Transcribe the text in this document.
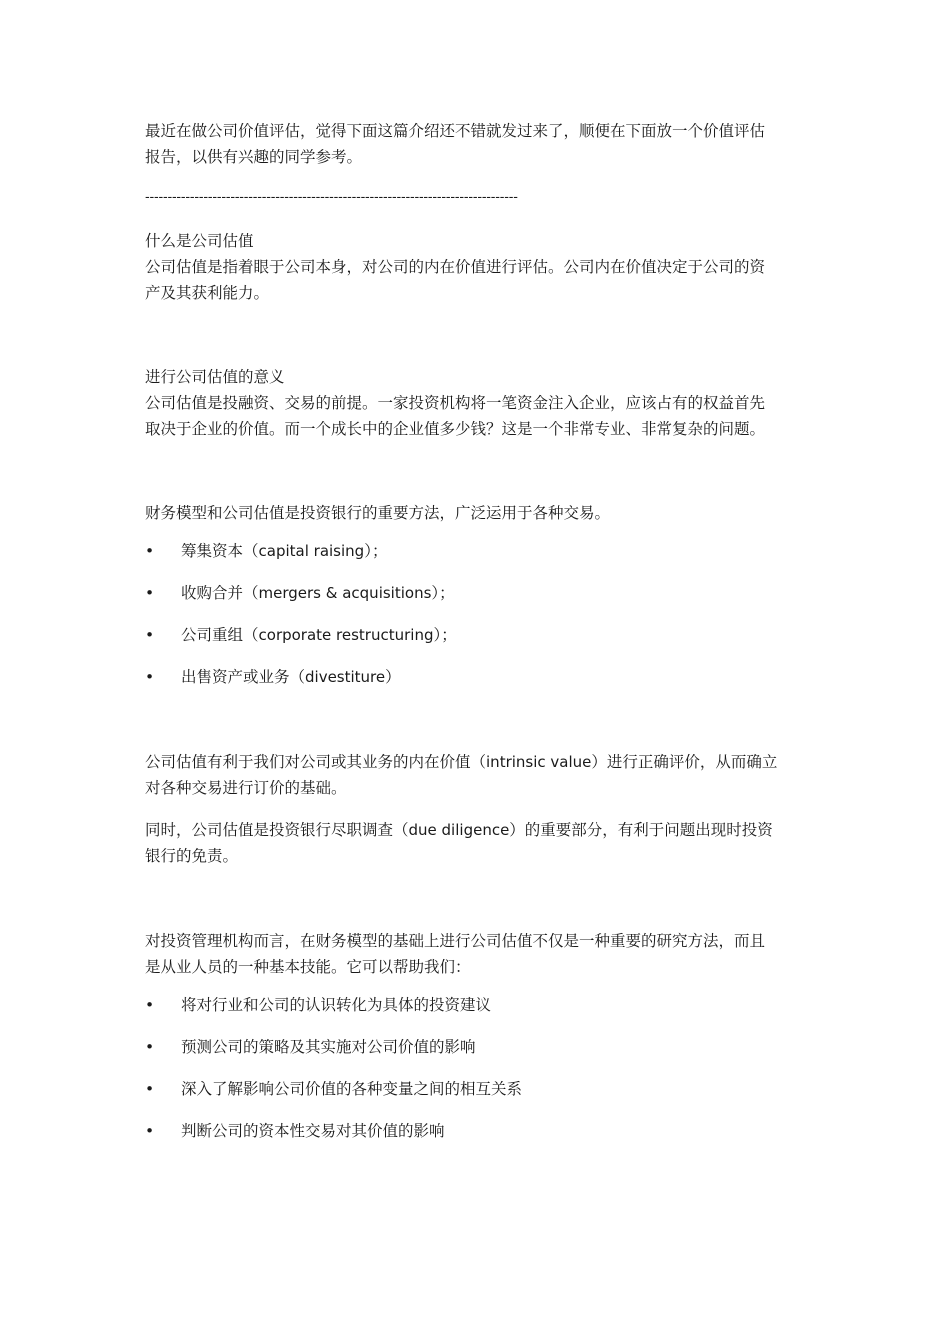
最近在做公司价值评估，觉得下面这篇介绍还不错就发过来了，顺便在下面放一个价值评估
报告，以供有兴趣的同学参考。
-----------------------------------------------------------------------------------
什么是公司估值
公司估值是指着眼于公司本身，对公司的内在价值进行评估。公司内在价值决定于公司的资
产及其获利能力。
进行公司估值的意义
公司估值是投融资、交易的前提。一家投资机构将一笔资金注入企业，应该占有的权益首先
取决于企业的价值。而一个成长中的企业值多少钱？这是一个非常专业、非常复杂的问题。
财务模型和公司估值是投资银行的重要方法，广泛运用于各种交易。
•	筹集资本（capital raising）；
•	收购合并（mergers & acquisitions）；
•	公司重组（corporate restructuring）；
•	出售资产或业务（divestiture）
公司估值有利于我们对公司或其业务的内在价值（intrinsic value）进行正确评价，从而确立
对各种交易进行订价的基础。
同时，公司估值是投资银行尽职调查（due diligence）的重要部分，有利于问题出现时投资
银行的免责。
对投资管理机构而言，在财务模型的基础上进行公司估值不仅是一种重要的研究方法，而且
是从业人员的一种基本技能。它可以帮助我们：
•	将对行业和公司的认识转化为具体的投资建议
•	预测公司的策略及其实施对公司价值的影响
•	深入了解影响公司价值的各种变量之间的相互关系
•	判断公司的资本性交易对其价值的影响
